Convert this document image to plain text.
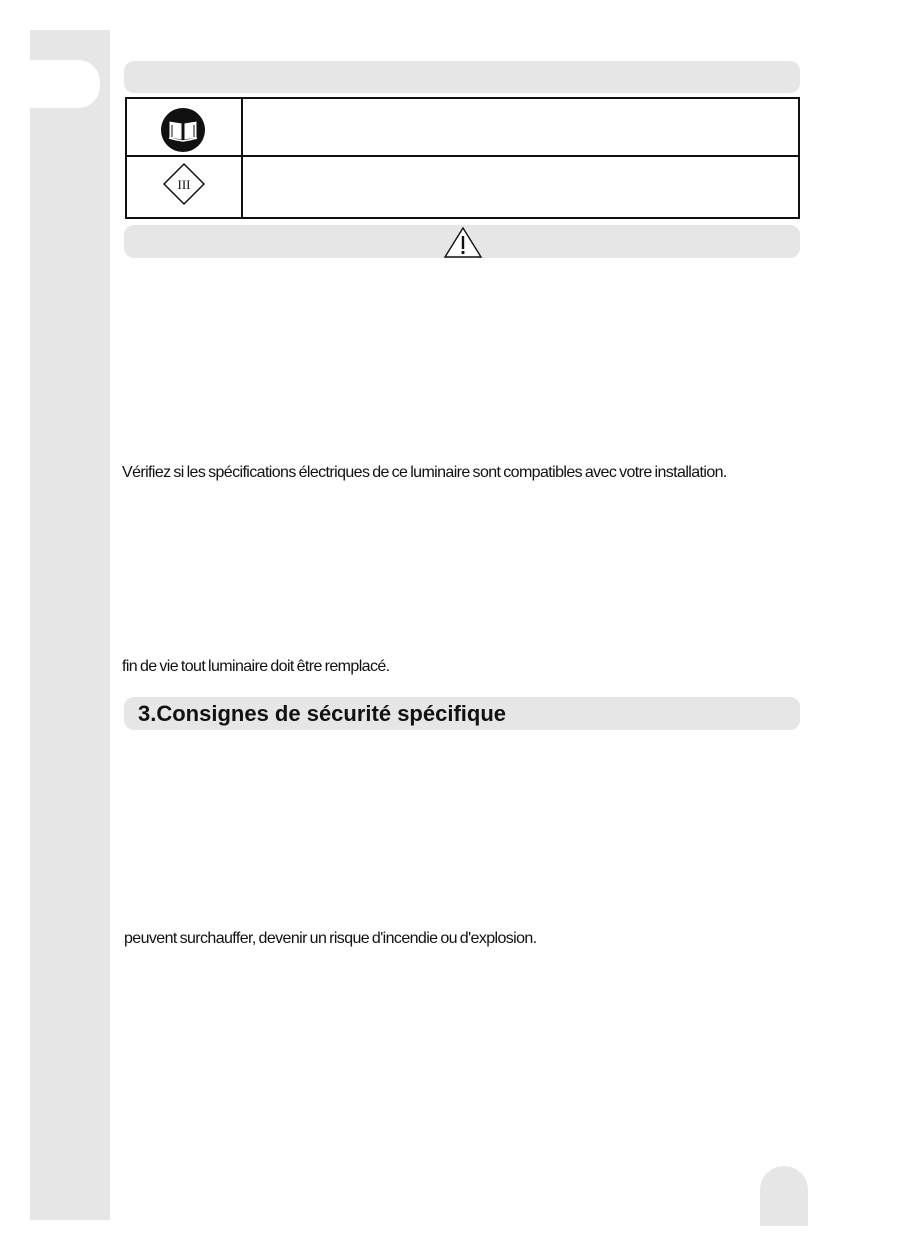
III
Vérifiez si les spécifications électriques de ce luminaire sont compatibles avec votre installation.
fin de vie tout luminaire doit être remplacé.
3.Consignes de sécurité spécifique
peuvent surchauffer, devenir un risque d'incendie ou d'explosion.
